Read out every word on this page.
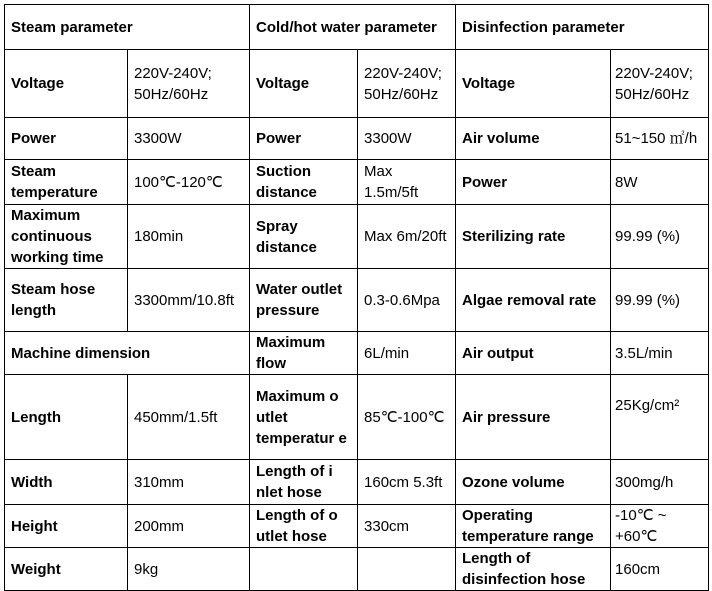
Steam parameter		Cold/hot water parameter		Disinfection parameter	
Voltage	220V-240V; 50Hz/60Hz	Voltage	220V-240V; 50Hz/60Hz	Voltage	220V-240V; 50Hz/60Hz
Power	3300W	Power	3300W	Air volume	51~150 ㎡/h
Steam temperature	100℃-120℃	Suction distance	Max 1.5m/5ft	Power	8W
Maximum continuous working time	180min	Spray distance	Max 6m/20ft	Sterilizing rate	99.99 (%)
Steam hose length	3300mm/10.8ft	Water outlet pressure	0.3-0.6Mpa	Algae removal rate	99.99 (%)
Machine dimension		Maximum flow	6L/min	Air output	3.5L/min
Length	450mm/1.5ft	Maximum o utlet temperatur e	85℃-100℃	Air pressure	25Kg/cm²
Width	310mm	Length of i nlet hose	160cm 5.3ft	Ozone volume	300mg/h
Height	200mm	Length of o utlet hose	330cm	Operating temperature range	-10℃ ~ +60℃
Weight	9kg			Length of disinfection hose	160cm
